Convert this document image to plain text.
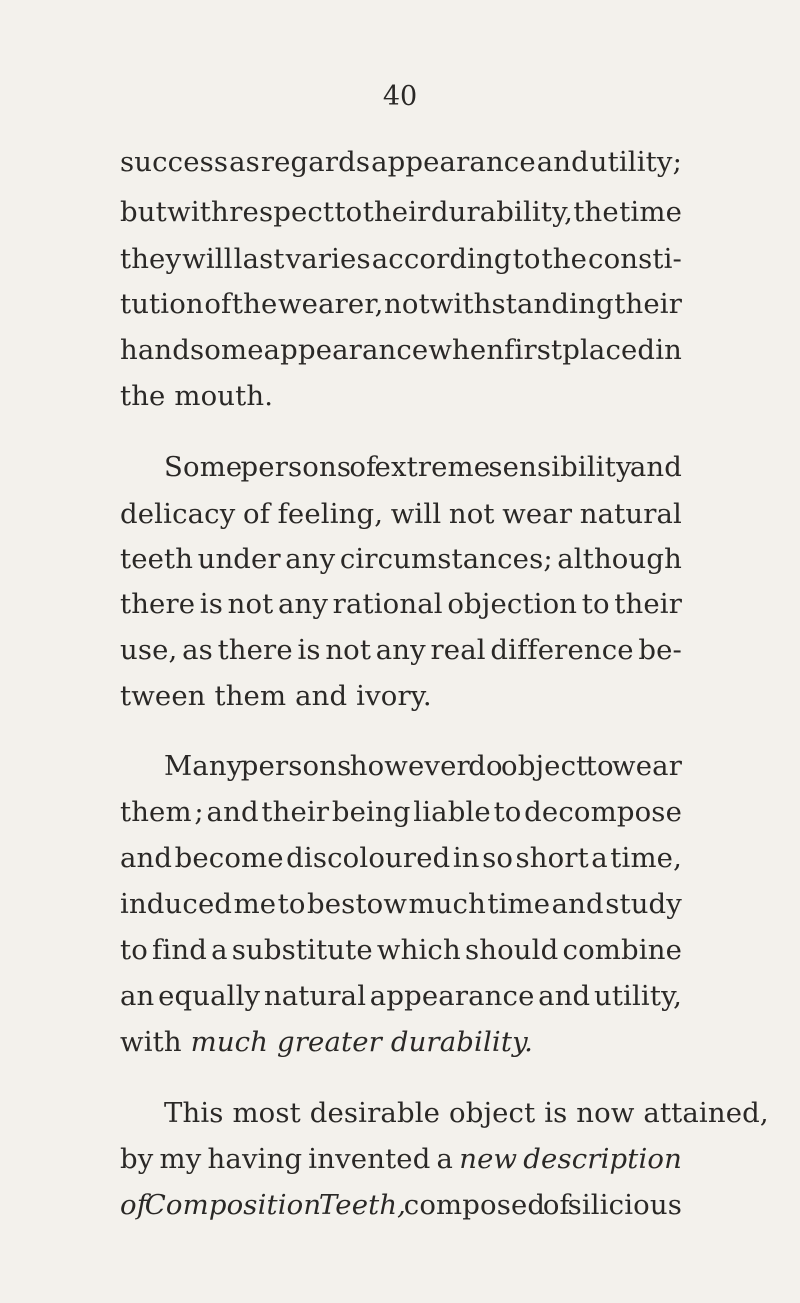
40
success as regards appearance and utility;
but with respect to their durability, the time
they will last varies according to the consti-
tution of the wearer, notwithstanding their
handsome appearance when first placed in
the mouth.
Some persons of extreme sensibility and
delicacy of feeling, will not wear natural
teeth under any circumstances; although
there is not any rational objection to their
use, as there is not any real difference be-
tween them and ivory.
Many persons however do object to wear
them ; and their being liable to decompose
and become discoloured in so short a time,
induced me to bestow much time and study
to find a substitute which should combine
an equally natural appearance and utility,
with much greater durability.
This most desirable object is now attained,
by my having invented a new description
of Composition Teeth, composed of silicious
